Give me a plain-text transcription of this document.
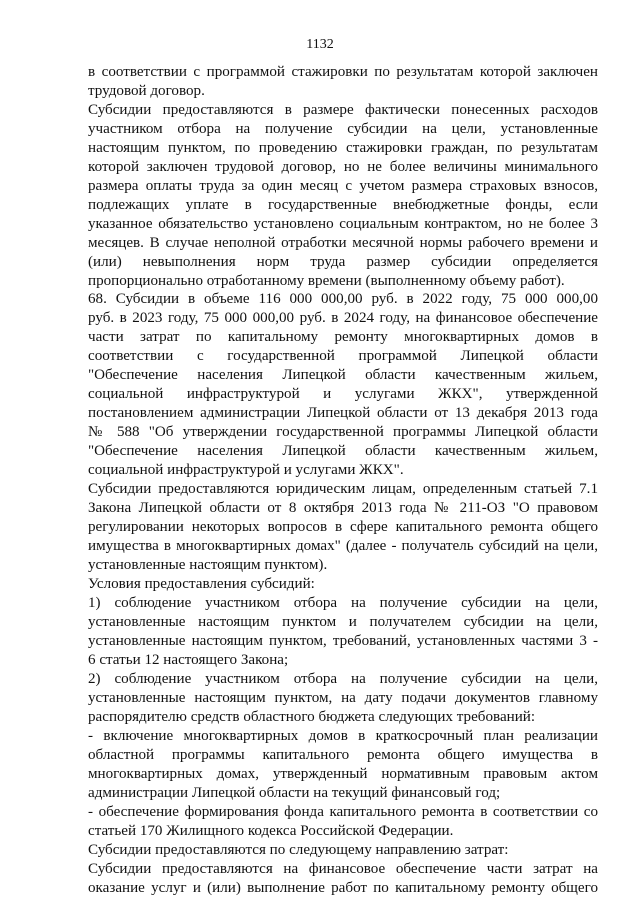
1132
в соответствии с программой стажировки по результатам которой заключен
трудовой договор.
Субсидии предоставляются в размере фактически понесенных расходов
участником отбора на получение субсидии на цели, установленные
настоящим пунктом, по проведению стажировки граждан, по результатам
которой заключен трудовой договор, но не более величины минимального
размера оплаты труда за один месяц с учетом размера страховых взносов,
подлежащих уплате в государственные внебюджетные фонды, если
указанное обязательство установлено социальным контрактом, но не более 3
месяцев. В случае неполной отработки месячной нормы рабочего времени и
(или) невыполнения норм труда размер субсидии определяется
пропорционально отработанному времени (выполненному объему работ).
68. Субсидии в объеме 116 000 000,00 руб. в 2022 году, 75 000 000,00
руб. в 2023 году, 75 000 000,00 руб. в 2024 году, на финансовое обеспечение
части затрат по капитальному ремонту многоквартирных домов в
соответствии с государственной программой Липецкой области
"Обеспечение населения Липецкой области качественным жильем,
социальной инфраструктурой и услугами ЖКХ", утвержденной
постановлением администрации Липецкой области от 13 декабря 2013 года
№ 588 "Об утверждении государственной программы Липецкой области
"Обеспечение населения Липецкой области качественным жильем,
социальной инфраструктурой и услугами ЖКХ".
Субсидии предоставляются юридическим лицам, определенным статьей 7.1
Закона Липецкой области от 8 октября 2013 года № 211-ОЗ "О правовом
регулировании некоторых вопросов в сфере капитального ремонта общего
имущества в многоквартирных домах" (далее - получатель субсидий на цели,
установленные настоящим пунктом).
Условия предоставления субсидий:
1) соблюдение участником отбора на получение субсидии на цели,
установленные настоящим пунктом и получателем субсидии на цели,
установленные настоящим пунктом, требований, установленных частями 3 -
6 статьи 12 настоящего Закона;
2) соблюдение участником отбора на получение субсидии на цели,
установленные настоящим пунктом, на дату подачи документов главному
распорядителю средств областного бюджета следующих требований:
- включение многоквартирных домов в краткосрочный план реализации
областной программы капитального ремонта общего имущества в
многоквартирных домах, утвержденный нормативным правовым актом
администрации Липецкой области на текущий финансовый год;
- обеспечение формирования фонда капитального ремонта в соответствии со
статьей 170 Жилищного кодекса Российской Федерации.
Субсидии предоставляются по следующему направлению затрат:
Субсидии предоставляются на финансовое обеспечение части затрат на
оказание услуг и (или) выполнение работ по капитальному ремонту общего
